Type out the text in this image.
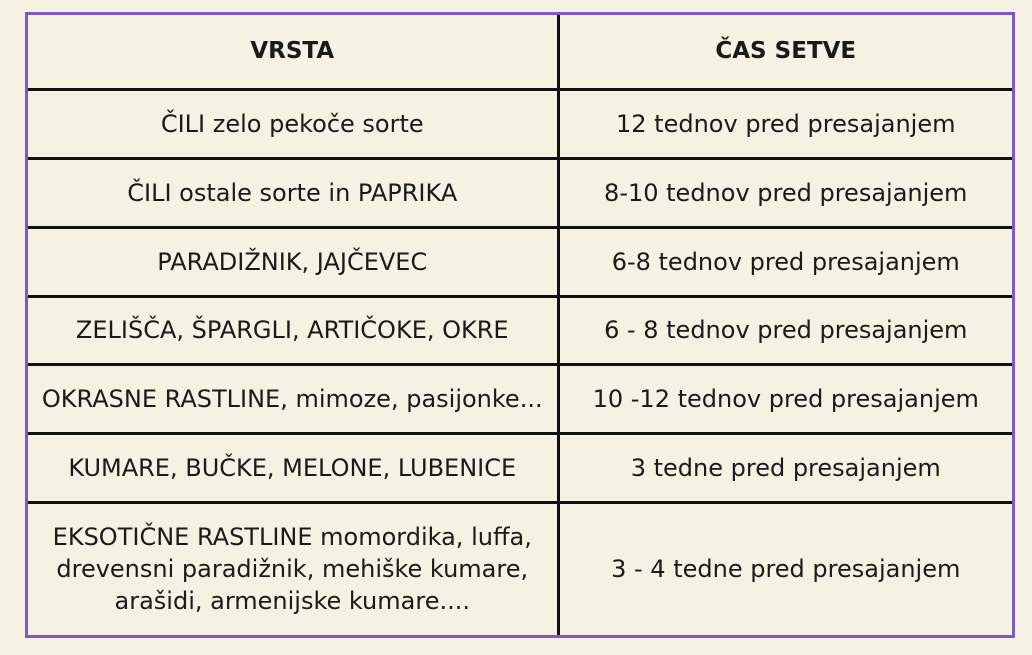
VRSTA	ČAS SETVE
ČILI zelo pekoče sorte	12 tednov pred presajanjem
ČILI ostale sorte in PAPRIKA	8-10 tednov pred presajanjem
PARADIŽNIK, JAJČEVEC	6-8 tednov pred presajanjem
ZELIŠČA, ŠPARGLI, ARTIČOKE, OKRE	6 - 8 tednov pred presajanjem
OKRASNE RASTLINE, mimoze, pasijonke...	10 -12 tednov pred presajanjem
KUMARE, BUČKE, MELONE, LUBENICE	3 tedne pred presajanjem
EKSOTIČNE RASTLINE momordika, luffa, drevensni paradižnik, mehiške kumare, arašidi, armenijske kumare....	3 - 4 tedne pred presajanjem
